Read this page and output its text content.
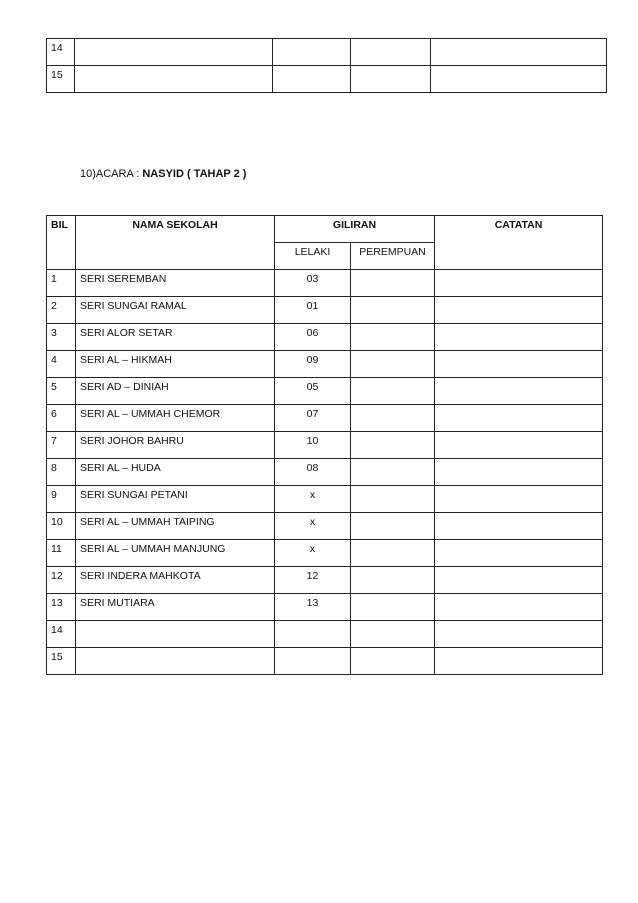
14				
15				
10)ACARA : NASYID ( TAHAP 2 )
BIL	NAMA SEKOLAH	GILIRAN		CATATAN
		LELAKI	PEREMPUAN	
1	SERI SEREMBAN	03		
2	SERI SUNGAI RAMAL	01		
3	SERI ALOR SETAR	06		
4	SERI AL – HIKMAH	09		
5	SERI AD – DINIAH	05		
6	SERI AL – UMMAH CHEMOR	07		
7	SERI JOHOR BAHRU	10		
8	SERI AL – HUDA	08		
9	SERI SUNGAI PETANI	x		
10	SERI AL – UMMAH TAIPING	x		
11	SERI AL – UMMAH MANJUNG	x		
12	SERI INDERA MAHKOTA	12		
13	SERI MUTIARA	13		
14				
15				
